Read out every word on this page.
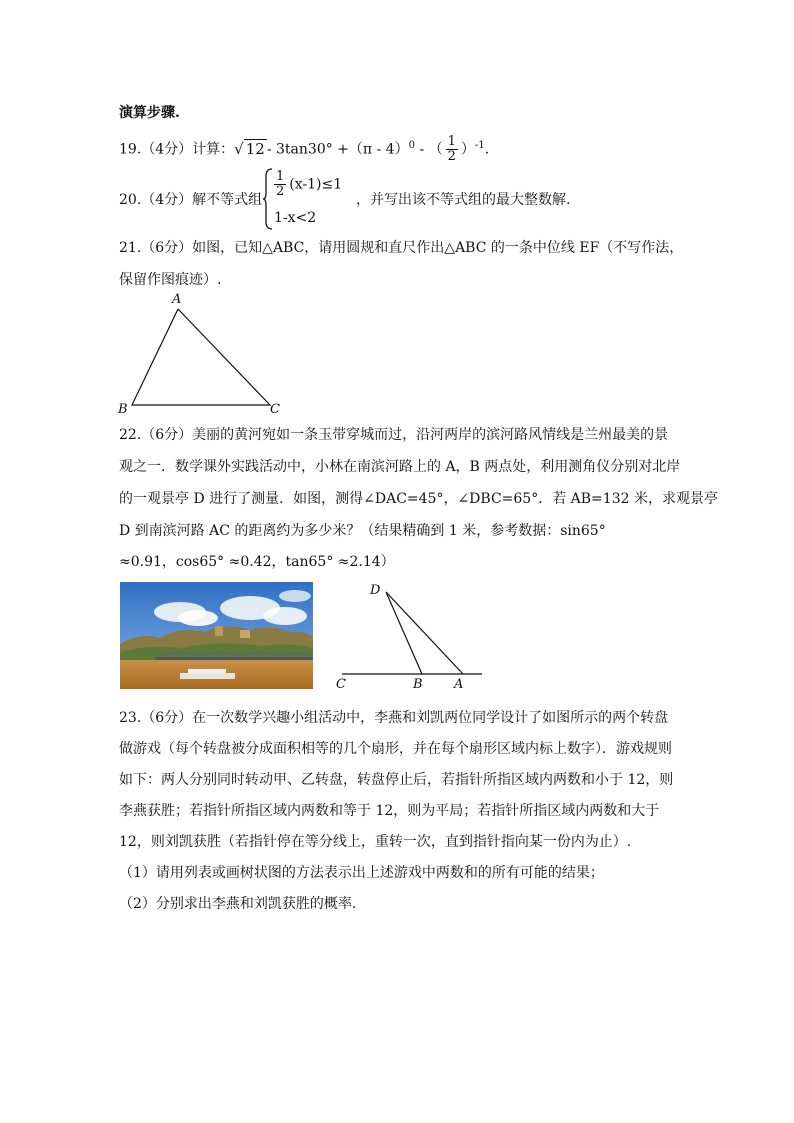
演算步骤.
19.（4分）计算：√ 12 - 3tan30° +（π - 4）$^0$ - （ $\frac{1}{2} )^{-1}$.
20.（4分）解不等式组
$\frac{1}{2} (x-1)\le 1$
1-x<2
，并写出该不等式组的最大整数解.
21.（6分）如图，已知△ABC，请用圆规和直尺作出△ABC 的一条中位线 EF（不写作法，
保留作图痕迹）.
A
B	C
22.（6分）美丽的黄河宛如一条玉带穿城而过，沿河两岸的滨河路风情线是兰州最美的景
观之一．数学课外实践活动中，小林在南滨河路上的 A，B 两点处，利用测角仪分别对北岸
的一观景亭 D 进行了测量．如图，测得∠DAC=45°，∠DBC=65°．若 AB=132 米，求观景亭
D 到南滨河路 AC 的距离约为多少米？（结果精确到 1 米，参考数据：sin65°
≈0.91，cos65° ≈0.42，tan65° ≈2.14）
D
C	B A
23.（6分）在一次数学兴趣小组活动中，李燕和刘凯两位同学设计了如图所示的两个转盘
做游戏（每个转盘被分成面积相等的几个扇形，并在每个扇形区域内标上数字）．游戏规则
如下：两人分别同时转动甲、乙转盘，转盘停止后，若指针所指区域内两数和小于 12，则
李燕获胜；若指针所指区域内两数和等于 12，则为平局；若指针所指区域内两数和大于
12，则刘凯获胜（若指针停在等分线上，重转一次，直到指针指向某一份内为止）.
（1）请用列表或画树状图的方法表示出上述游戏中两数和的所有可能的结果；
（2）分别求出李燕和刘凯获胜的概率.
